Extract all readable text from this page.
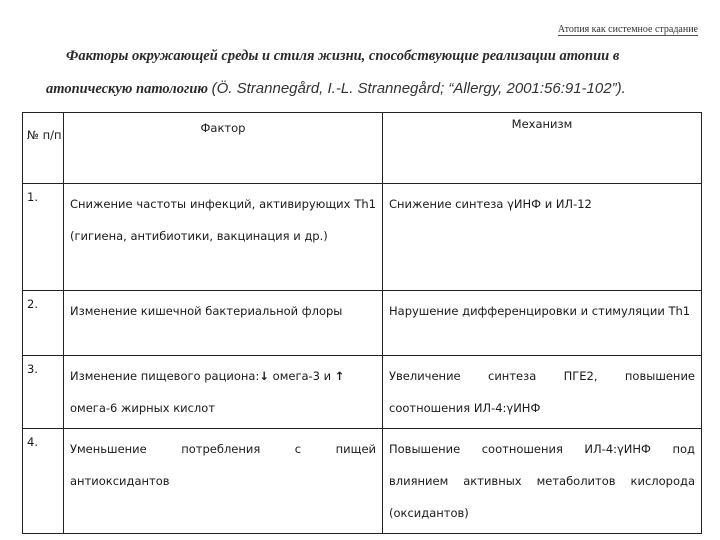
Атопия как системное страдание
Факторы окружающей среды и стиля жизни, способствующие реализации атопии в
атопическую патологию (Ö. Strannegård, I.-L. Strannegård; “Allergy, 2001:56:91-102”).
№ п/п	Фактор	Механизм
1.	Снижение частоты инфекций, активирующих Th1 (гигиена, антибиотики, вакцинация и др.)	Снижение синтеза γИНФ и ИЛ-12
2.	Изменение кишечной бактериальной флоры	Нарушение дифференцировки и стимуляции Th1
3.	Изменение пищевого рациона:↓ омега-3 и ↑ омега-6 жирных кислот	Увеличение синтеза ПГЕ2, повышение соотношения ИЛ-4:γИНФ
4.	Уменьшение потребления с пищей антиоксидантов	Повышение соотношения ИЛ-4:γИНФ под влиянием активных метаболитов кислорода (оксидантов)
